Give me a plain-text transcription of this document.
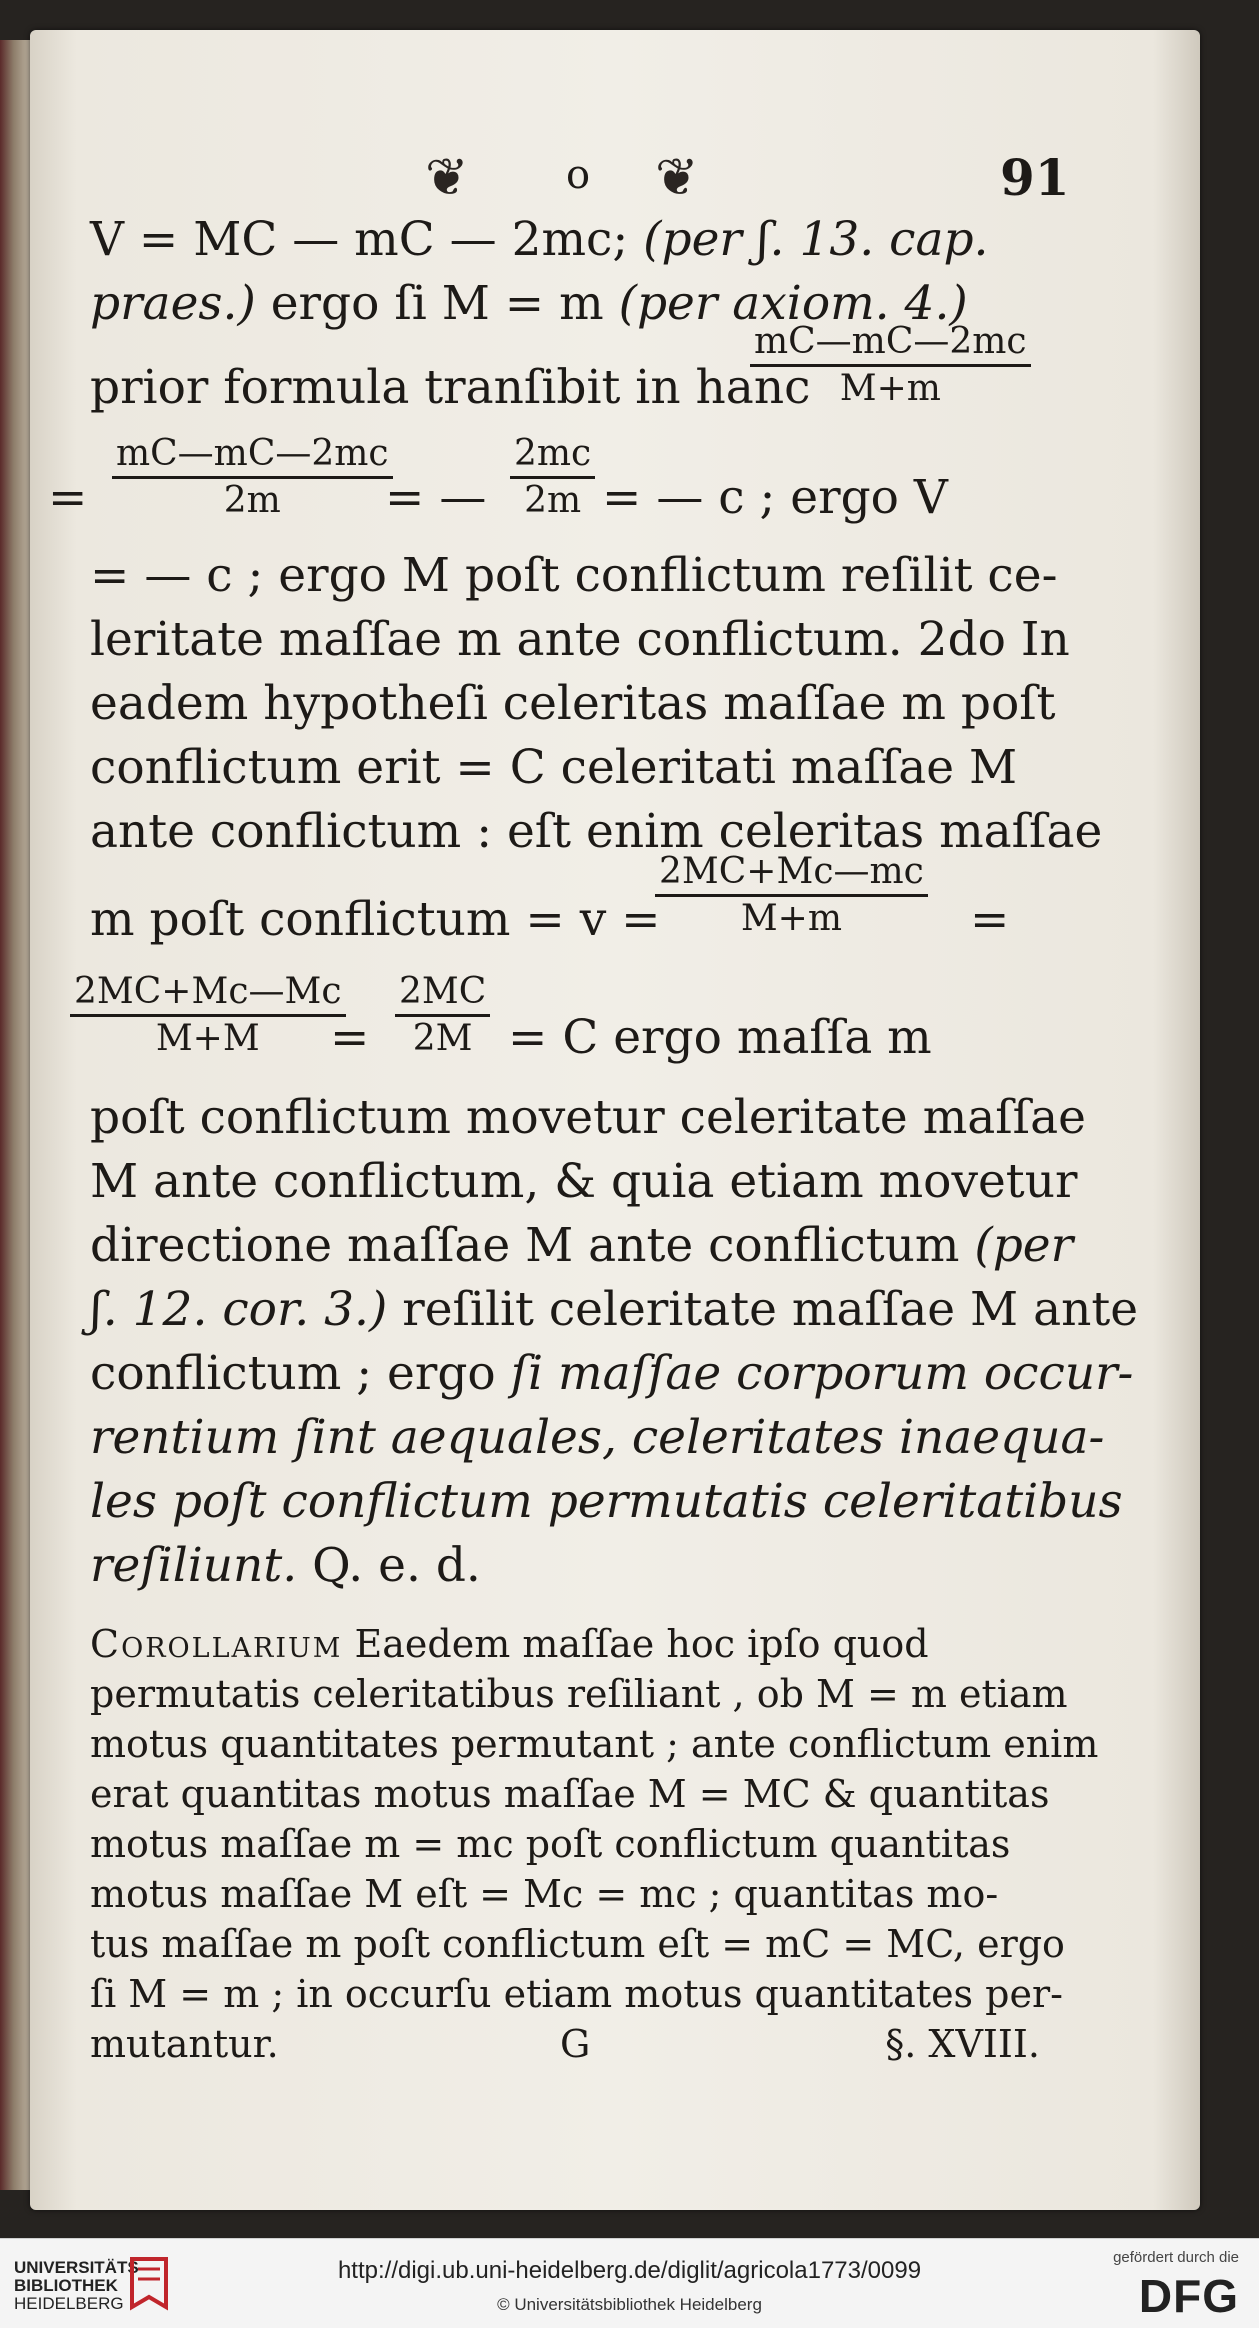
❦ o ❦	91
V = MC — mC — 2mc; (per ʃ. 13. cap.
praes.) ergo ſi M = m (per axiom. 4.)
prior formula tranſibit in hanc
$\frac{mC—mC—2mc}{M+m}$
= $\frac{mC—mC—2mc}{2m}$
= — $\frac{2mc}{2m}$ = — c ; ergo V
= — c ; ergo M poſt conflictum reſilit ce-
leritate maſſae m ante conflictum. 2do In
eadem hypotheſi celeritas maſſae m poſt
conflictum erit = C celeritati maſſae M
ante conflictum : eſt enim celeritas maſſae
m poſt conflictum = v =
$\frac{2MC+Mc—mc}{M+m}$ =
$\frac{2MC+Mc—Mc}{M+M}$
= $\frac{2MC}{2M} = C$ ergo maſſa m
poſt conflictum movetur celeritate maſſae
M ante conflictum, & quia etiam movetur
directione maſſae M ante conflictum (per
ʃ. 12. cor. 3.) reſilit celeritate maſſae M ante
conflictum ; ergo ſi maſſae corporum occur-
rentium ſint aequales, celeritates inaequa-
les poſt conflictum permutatis celeritatibus
reſiliunt. Q. e. d.
Corollarium Eaedem maſſae hoc ipſo quod
permutatis celeritatibus reſiliant , ob M = m etiam
motus quantitates permutant ; ante conflictum enim
erat quantitas motus maſſae M = MC & quantitas
motus maſſae m = mc poſt conflictum quantitas
motus maſſae M eſt = Mc = mc ; quantitas mo-
tus maſſae m poſt conflictum eſt = mC = MC, ergo
ſi M = m ; in occurſu etiam motus quantitates per-
mutantur.	G	§. XVIII.
UNIVERSITÄTS-
BIBLIOTHEK
HEIDELBERG
http://digi.ub.uni-heidelberg.de/diglit/agricola1773/0099
© Universitätsbibliothek Heidelberg
gefördert durch die
DFG
